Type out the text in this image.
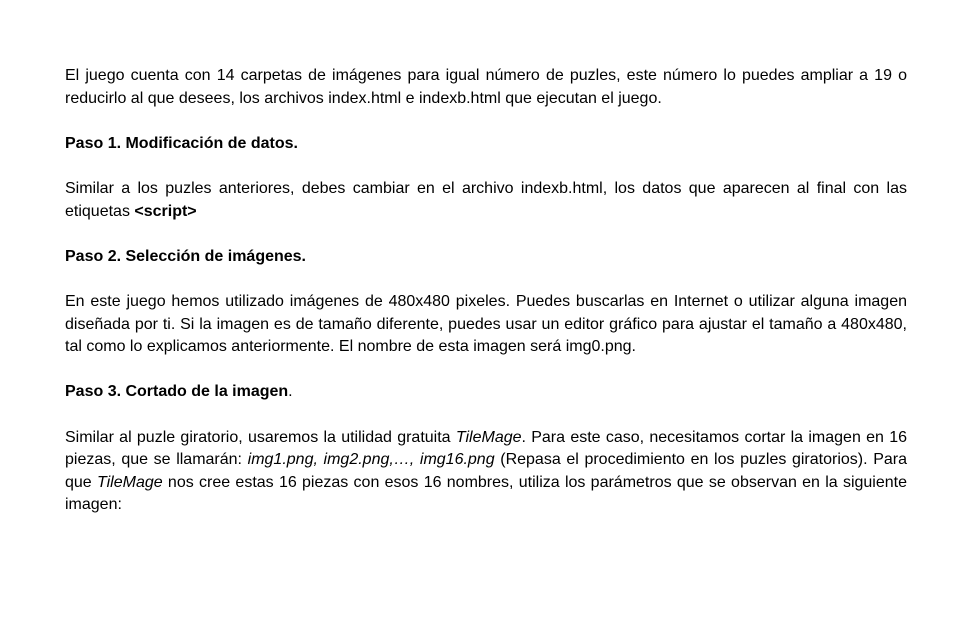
El juego cuenta con 14 carpetas de imágenes para igual número de puzles, este número lo puedes ampliar a 19 o reducirlo al que desees, los archivos index.html e indexb.html que ejecutan el juego.

Paso 1. Modificación de datos.

Similar a los puzles anteriores, debes cambiar en el archivo indexb.html, los datos que aparecen al final con las etiquetas <script>

Paso 2. Selección de imágenes.

En este juego hemos utilizado imágenes de 480x480 pixeles. Puedes buscarlas en Internet o utilizar alguna imagen diseñada por ti. Si la imagen es de tamaño diferente, puedes usar un editor gráfico para ajustar el tamaño a 480x480, tal como lo explicamos anteriormente. El nombre de esta imagen será img0.png.

Paso 3. Cortado de la imagen.

Similar al puzle giratorio, usaremos la utilidad gratuita TileMage. Para este caso, necesitamos cortar la imagen en 16 piezas, que se llamarán: img1.png, img2.png,…, img16.png (Repasa el procedimiento en los puzles giratorios). Para que TileMage nos cree estas 16 piezas con esos 16 nombres, utiliza los parámetros que se observan en la siguiente imagen:
